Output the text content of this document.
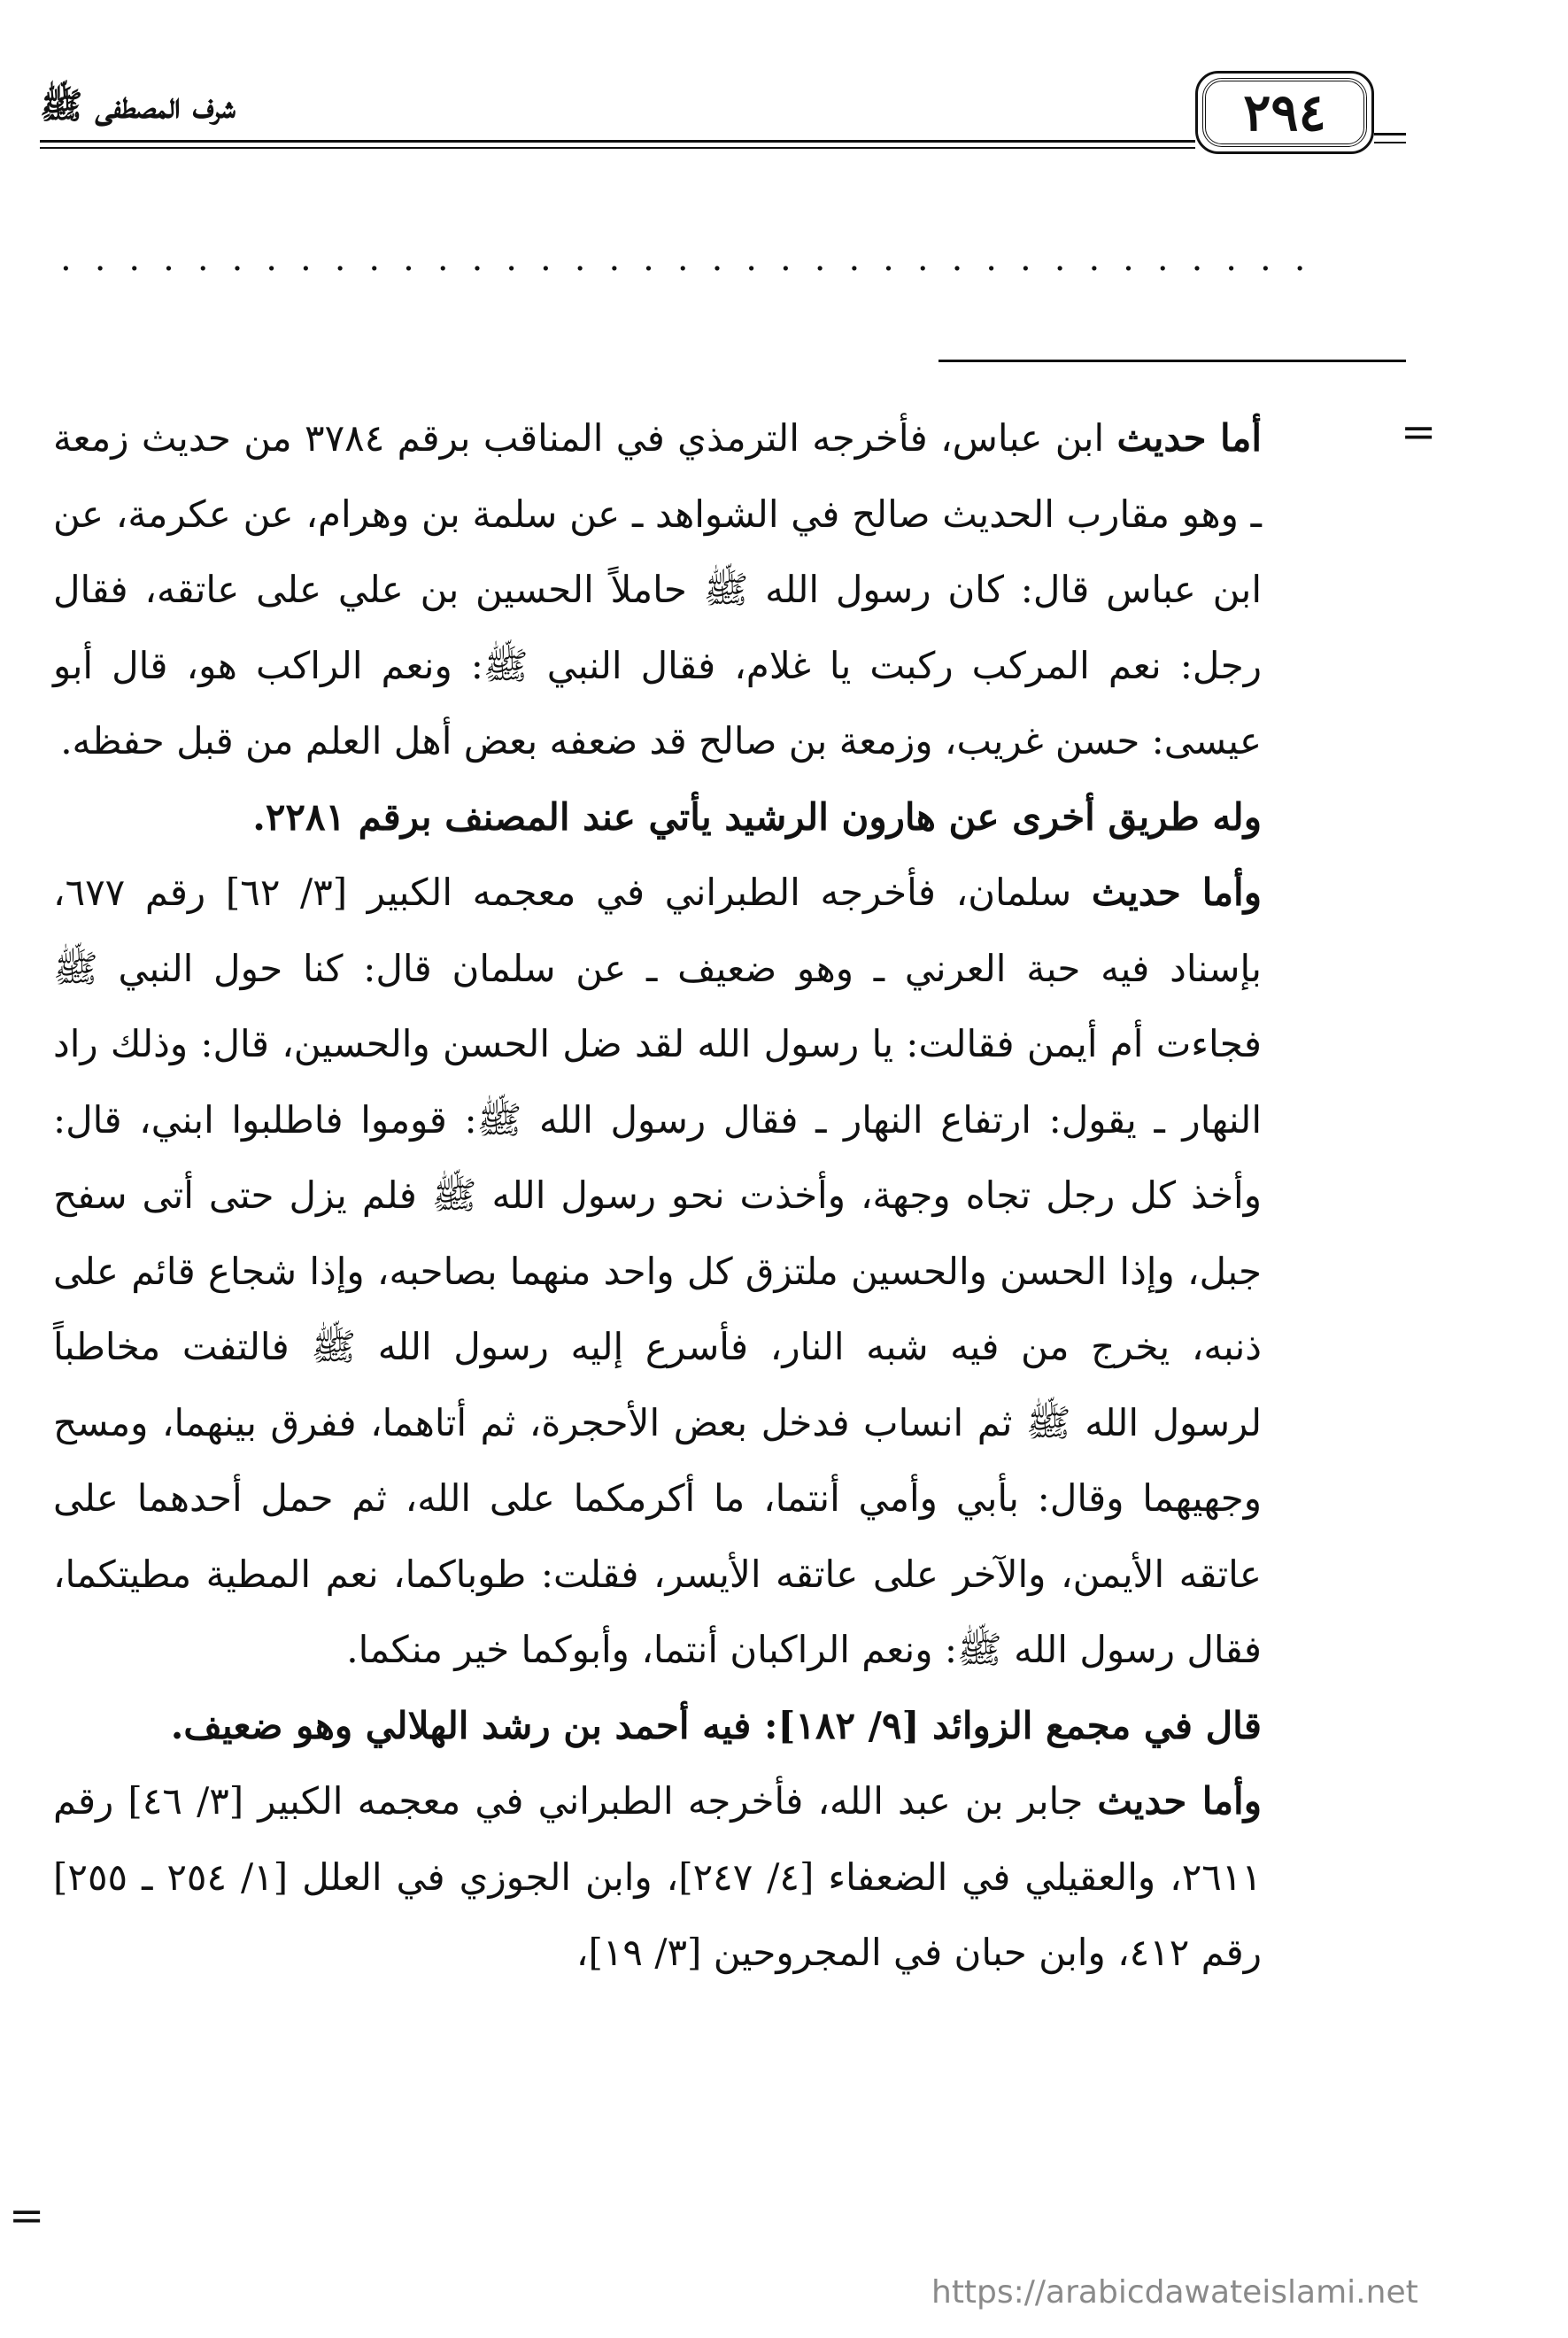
شرف المصطفى ﷺ	٢٩٤
.....................................
=
=

أما حديث ابن عباس، فأخرجه الترمذي في المناقب برقم ٣٧٨٤ من حديث زمعة ـ وهو مقارب الحديث صالح في الشواهد ـ عن سلمة بن وهرام، عن عكرمة، عن ابن عباس قال: كان رسول الله ﷺ حاملاً الحسين بن علي على عاتقه، فقال رجل: نعم المركب ركبت يا غلام، فقال النبي ﷺ: ونعم الراكب هو، قال أبو عيسى: حسن غريب، وزمعة بن صالح قد ضعفه بعض أهل العلم من قبل حفظه.

وله طريق أخرى عن هارون الرشيد يأتي عند المصنف برقم ٢٢٨١.

وأما حديث سلمان، فأخرجه الطبراني في معجمه الكبير [٣/ ٦٢] رقم ٦٧٧، بإسناد فيه حبة العرني ـ وهو ضعيف ـ عن سلمان قال: كنا حول النبي ﷺ فجاءت أم أيمن فقالت: يا رسول الله لقد ضل الحسن والحسين، قال: وذلك راد النهار ـ يقول: ارتفاع النهار ـ فقال رسول الله ﷺ: قوموا فاطلبوا ابني، قال: وأخذ كل رجل تجاه وجهة، وأخذت نحو رسول الله ﷺ فلم يزل حتى أتى سفح جبل، وإذا الحسن والحسين ملتزق كل واحد منهما بصاحبه، وإذا شجاع قائم على ذنبه، يخرج من فيه شبه النار، فأسرع إليه رسول الله ﷺ فالتفت مخاطباً لرسول الله ﷺ ثم انساب فدخل بعض الأحجرة، ثم أتاهما، ففرق بينهما، ومسح وجهيهما وقال: بأبي وأمي أنتما، ما أكرمكما على الله، ثم حمل أحدهما على عاتقه الأيمن، والآخر على عاتقه الأيسر، فقلت: طوباكما، نعم المطية مطيتكما، فقال رسول الله ﷺ: ونعم الراكبان أنتما، وأبوكما خير منكما.

قال في مجمع الزوائد [٩/ ١٨٢]: فيه أحمد بن رشد الهلالي وهو ضعيف.

وأما حديث جابر بن عبد الله، فأخرجه الطبراني في معجمه الكبير [٣/ ٤٦] رقم ٢٦١١، والعقيلي في الضعفاء [٤/ ٢٤٧]، وابن الجوزي في العلل [١/ ٢٥٤ ـ ٢٥٥] رقم ٤١٢، وابن حبان في المجروحين [٣/ ١٩]،

https://arabicdawateislami.net
